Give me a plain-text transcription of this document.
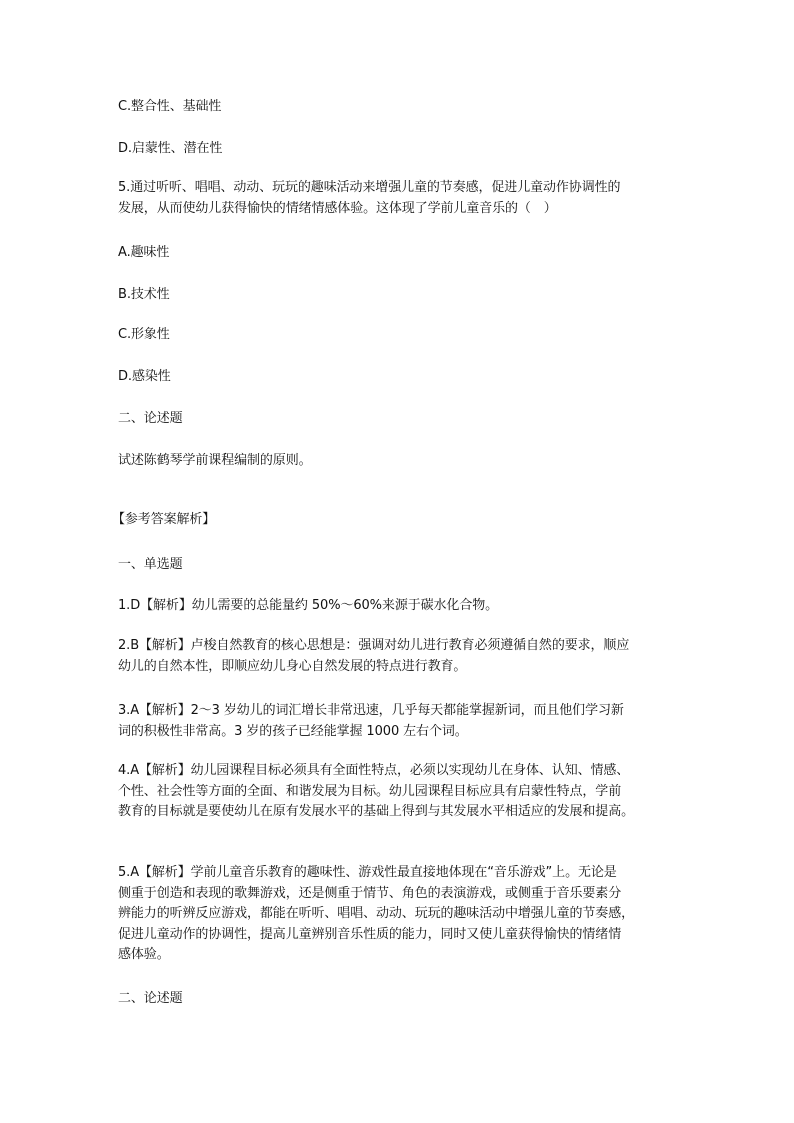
C.整合性、基础性
D.启蒙性、潜在性
5.通过听听、唱唱、动动、玩玩的趣味活动来增强儿童的节奏感，促进儿童动作协调性的
发展，从而使幼儿获得愉快的情绪情感体验。这体现了学前儿童音乐的（　）
A.趣味性
B.技术性
C.形象性
D.感染性
二、论述题
试述陈鹤琴学前课程编制的原则。
【参考答案解析】
一、单选题
1.D【解析】幼儿需要的总能量约 50%～60%来源于碳水化合物。
2.B【解析】卢梭自然教育的核心思想是：强调对幼儿进行教育必须遵循自然的要求，顺应
幼儿的自然本性，即顺应幼儿身心自然发展的特点进行教育。
3.A【解析】2～3 岁幼儿的词汇增长非常迅速，几乎每天都能掌握新词，而且他们学习新
词的积极性非常高。3 岁的孩子已经能掌握 1000 左右个词。
4.A【解析】幼儿园课程目标必须具有全面性特点，必须以实现幼儿在身体、认知、情感、
个性、社会性等方面的全面、和谐发展为目标。幼儿园课程目标应具有启蒙性特点，学前
教育的目标就是要使幼儿在原有发展水平的基础上得到与其发展水平相适应的发展和提高。
5.A【解析】学前儿童音乐教育的趣味性、游戏性最直接地体现在“音乐游戏”上。无论是
侧重于创造和表现的歌舞游戏，还是侧重于情节、角色的表演游戏，或侧重于音乐要素分
辨能力的听辨反应游戏，都能在听听、唱唱、动动、玩玩的趣味活动中增强儿童的节奏感，
促进儿童动作的协调性，提高儿童辨别音乐性质的能力，同时又使儿童获得愉快的情绪情
感体验。
二、论述题
